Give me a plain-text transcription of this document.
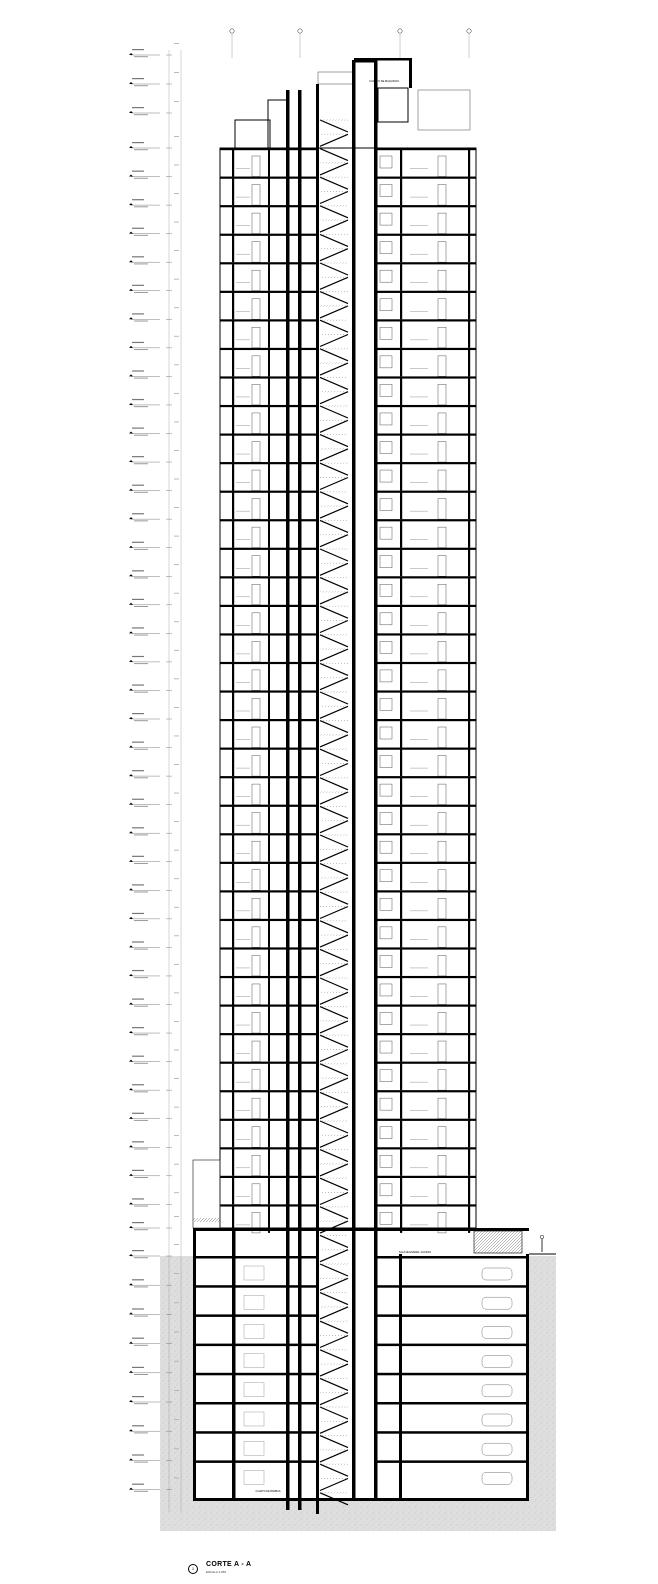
CUARTO DE MAQUINAS
SALA DE ESPERA / ACCESO
CUARTO DE BOMBAS
1
CORTE A - A
ESCALA 1:250
